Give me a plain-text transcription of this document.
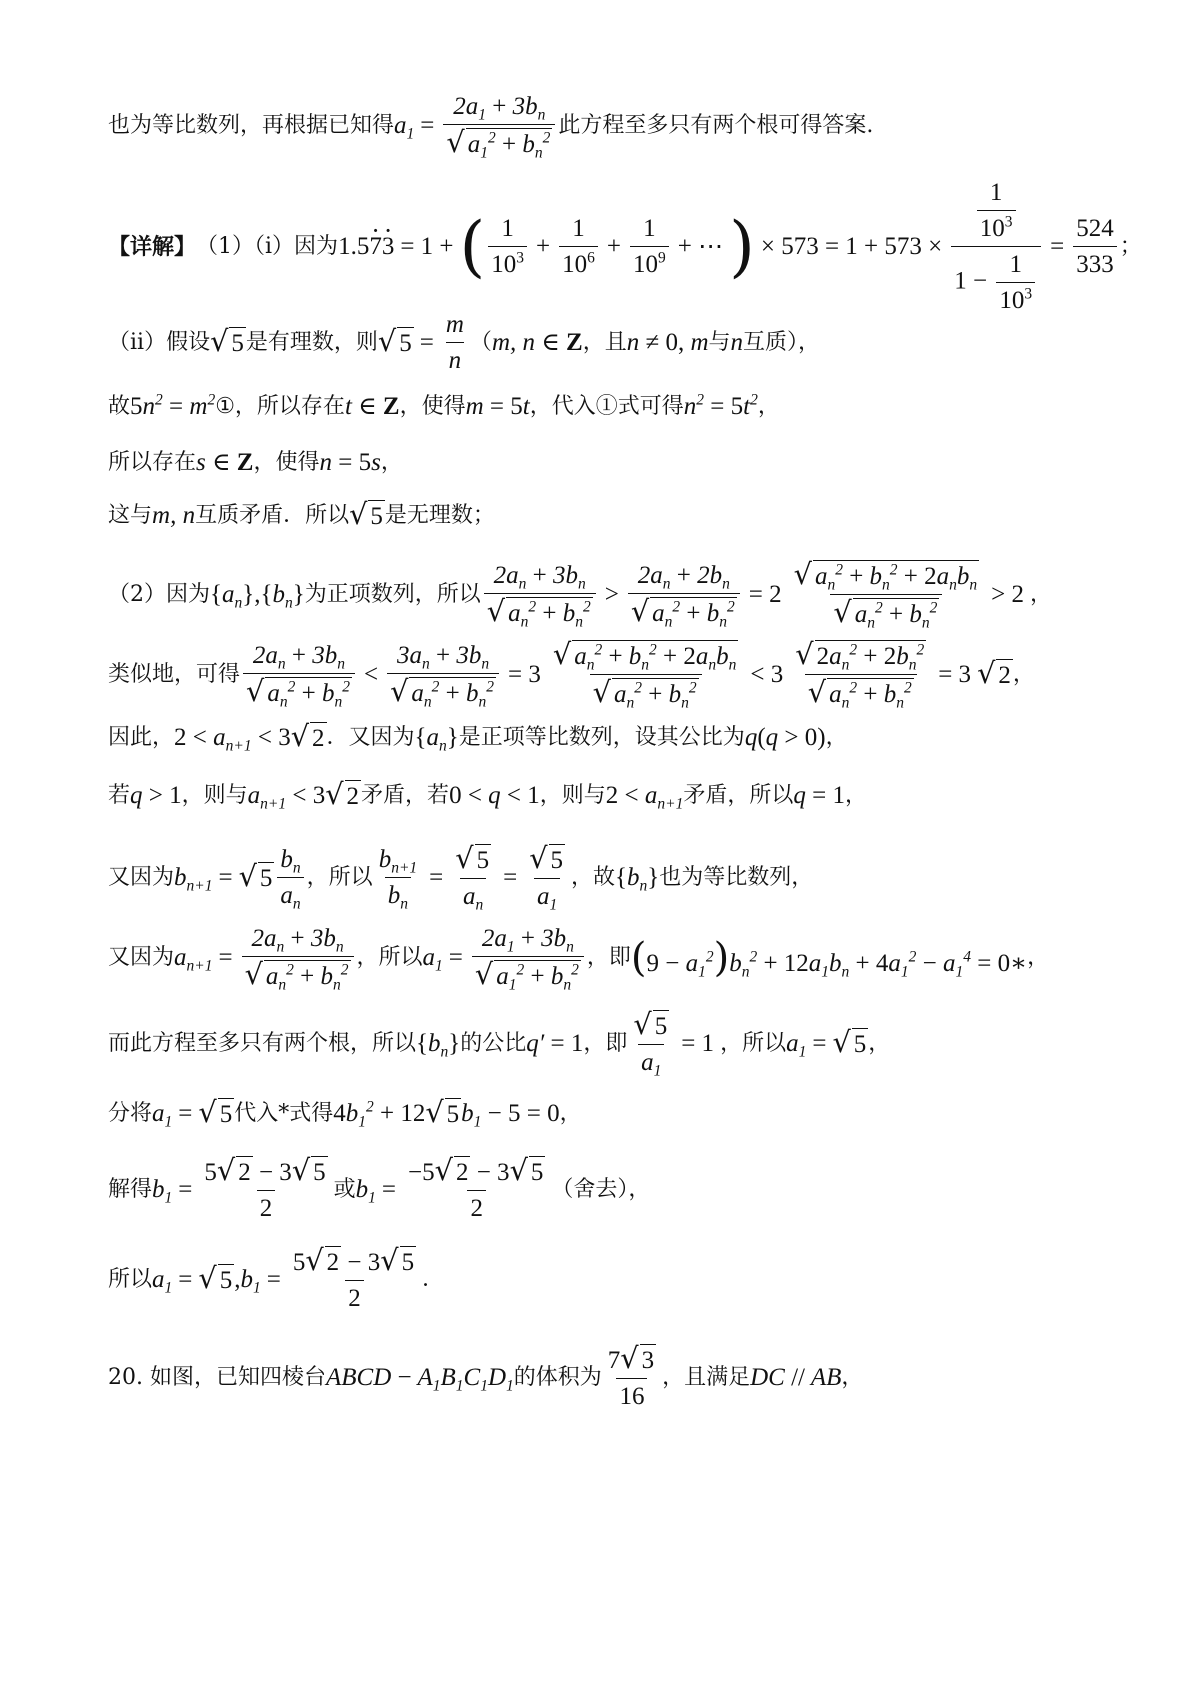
也为等比数列，再根据已知得 $a_1 = \frac{2a_1 + 3b_n}{√ a_1^2 + b_n^2}$ 此方程至多只有两个根可得答案.
【详解】 （1）（i）因为 1.57 ·3 · = 1 + ( $\frac{1}{10^3} + \frac{1}{10^6} + \frac{1}{10^9}$ + ⋯ ) × $573 = 1 + 573 \times \frac{\frac{1}{10^3}}{1 - \frac{1}{10^3}} = \frac{524}{333}$ ；
（ii）假设 √ 5 是有理数，则 √ $5 = \frac{m}{n}$ （ m, n ∈ Z ，且 n ≠ 0, m 与 n 互质），
故 $5n^2 = m^2$ ① ，所以存在 t ∈ Z ，使得 m = 5t ，代入①式可得 $n^2 = 5t^2$ ，
所以存在 s ∈ Z ，使得 n = 5s ，
这与 m, n 互质矛盾．所以 √ 5 是无理数；
（2）因为 $\{a_n\},\{b_n\}$ 为正项数列，所以 $\frac{2a_n + 3b_n}{√ a_n^2 + b_n^2} > \frac{2a_n + 2b_n}{√ a_n^2 + b_n^2} = 2 \frac{√ a_n^2 + b_n^2 + 2a_nb_n}{√ a_n^2 + b_n^2} > 2$ ，
类似地，可得 $\frac{2a_n + 3b_n}{√ a_n^2 + b_n^2} < \frac{3a_n + 3b_n}{√ a_n^2 + b_n^2} = 3 \frac{√ a_n^2 + b_n^2 + 2a_nb_n}{√ a_n^2 + b_n^2} < 3 \frac{√ 2a_n^2 + 2b_n^2}{√ a_n^2 + b_n^2} = 3$ √ 2 ，
因此， $2 < a_{n+1} < 3$ √ 2 ．又因为 $\{a_n\}$ 是正项等比数列，设其公比为 q(q > 0) ，
若 q > 1 ，则与 $a_{n+1} < 3$ √ 2 矛盾，若 0 < q < 1 ，则与 $2 < a_{n+1}$ 矛盾，所以 q = 1 ，
又因为 $b_{n+1}$ = √ $5 \frac{b_n}{a_n}$ ，所以 $\frac{b_{n+1}}{b_n} = \frac{√ 5}{a_n} = \frac{√ 5}{a_1}$ ，故 $\{b_n\}$ 也为等比数列，
又因为 $a_{n+1} = \frac{2a_n + 3b_n}{√ a_n^2 + b_n^2}$ ，所以 $a_1 = \frac{2a_1 + 3b_n}{√ a_1^2 + b_n^2}$ ，即 $(9 - a_1^2)b_n^2 + 12a_1b_n + 4a_1^2 - a_1^4$ = 0∗ ，
而此方程至多只有两个根，所以 $\{b_n\}$ 的公比 q′ = 1 ，即 $\frac{√ 5}{a_1} = 1$ ，所以 $a_1$ = √ 5 ，
分将 $a_1$ = √ 5 代入*式得 $4b_1^2 + 12$ √ 5 $b_1 - 5 = 0$ ，
解得 $b_1 = \frac{5 √ 2 - 3 √ 5}{2}$ 或 $b_1 = \frac{-5 √ 2 - 3 √ 5}{2}$ （舍去），
所以 $a_1$ = √ 5 , $b_1 = \frac{5 √ 2 - 3 √ 5}{2}$ ．
20.
如图，已知四棱台 ABCD − $A_1B_1C_1D_1$ 的体积为 $\frac{7 √ 3}{16}$ ，且满足 DC // AB ，
